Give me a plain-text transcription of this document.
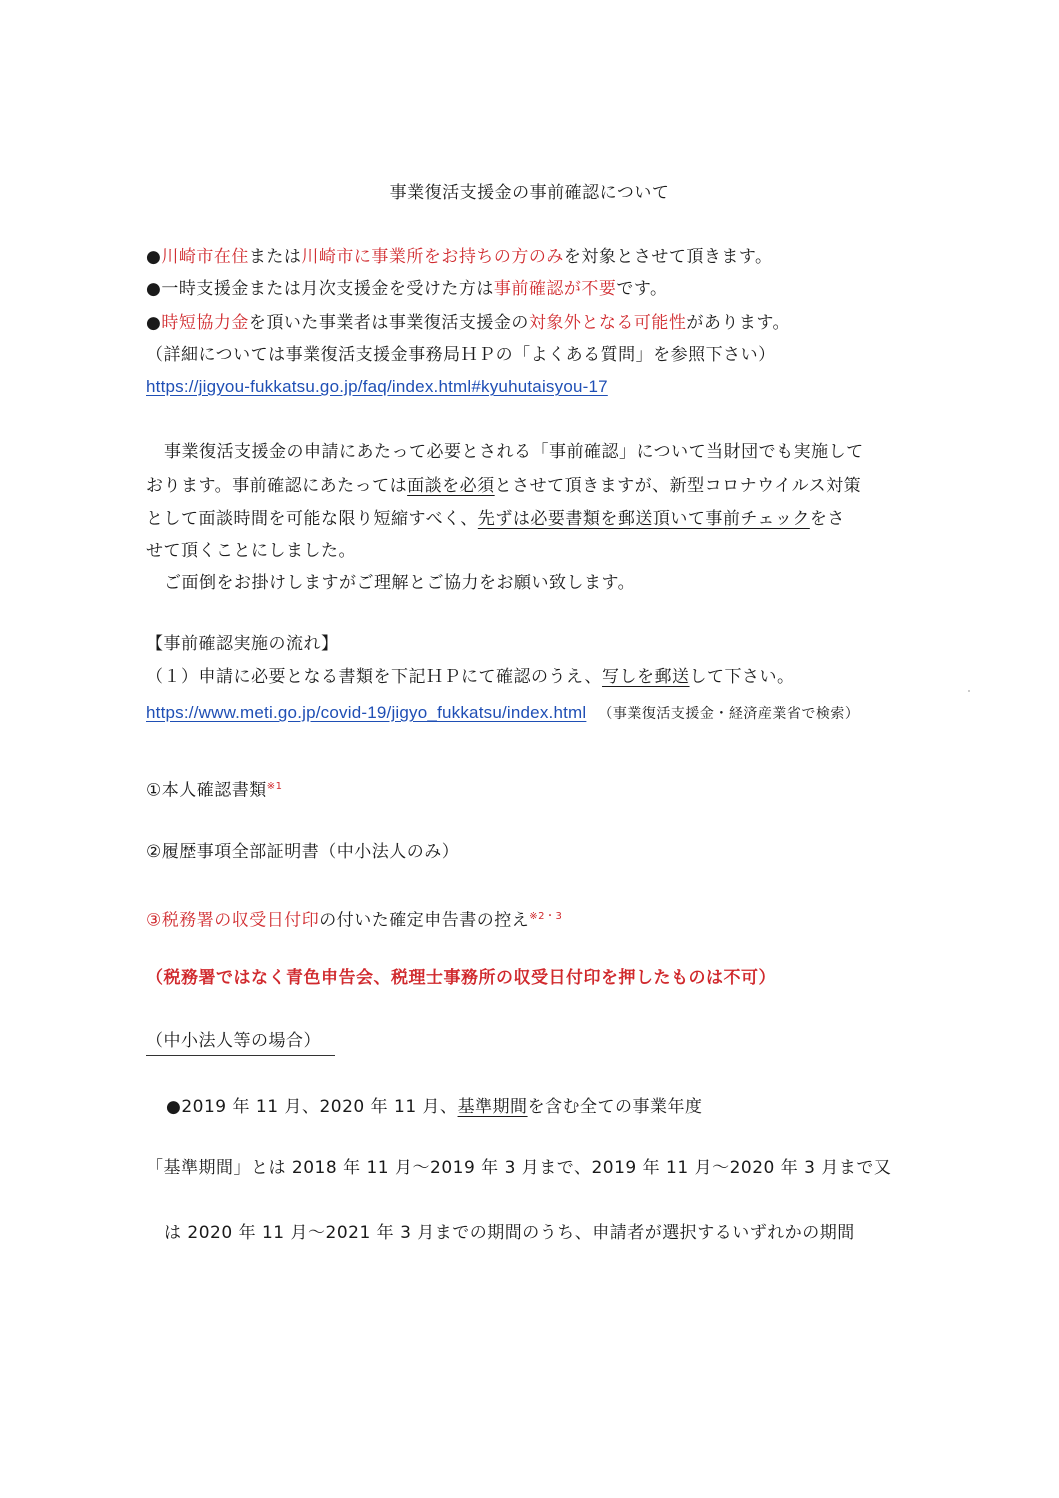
事業復活支援金の事前確認について
●川崎市在住または川崎市に事業所をお持ちの方のみを対象とさせて頂きます。
●一時支援金または月次支援金を受けた方は事前確認が不要です。
●時短協力金を頂いた事業者は事業復活支援金の対象外となる可能性があります。
（詳細については事業復活支援金事務局ＨＰの「よくある質問」を参照下さい）
https://jigyou-fukkatsu.go.jp/faq/index.html#kyuhutaisyou-17
事業復活支援金の申請にあたって必要とされる「事前確認」について当財団でも実施して
おります。事前確認にあたっては面談を必須とさせて頂きますが、新型コロナウイルス対策
として面談時間を可能な限り短縮すべく、先ずは必要書類を郵送頂いて事前チェックをさ
せて頂くことにしました。
ご面倒をお掛けしますがご理解とご協力をお願い致します。
【事前確認実施の流れ】
（１）申請に必要となる書類を下記ＨＰにて確認のうえ、写しを郵送して下さい。
https://www.meti.go.jp/covid-19/jigyo_fukkatsu/index.html （事業復活支援金・経済産業省で検索）
①本人確認書類$^{※1}$
②履歴事項全部証明書（中小法人のみ）
③税務署の収受日付印の付いた確定申告書の控え$^{※2・3}$
（税務署ではなく青色申告会、税理士事務所の収受日付印を押したものは不可）
（中小法人等の場合）
●2019 年 11 月、2020 年 11 月、基準期間を含む全ての事業年度
「基準期間」とは 2018 年 11 月～2019 年 3 月まで、2019 年 11 月～2020 年 3 月まで又
は 2020 年 11 月～2021 年 3 月までの期間のうち、申請者が選択するいずれかの期間
